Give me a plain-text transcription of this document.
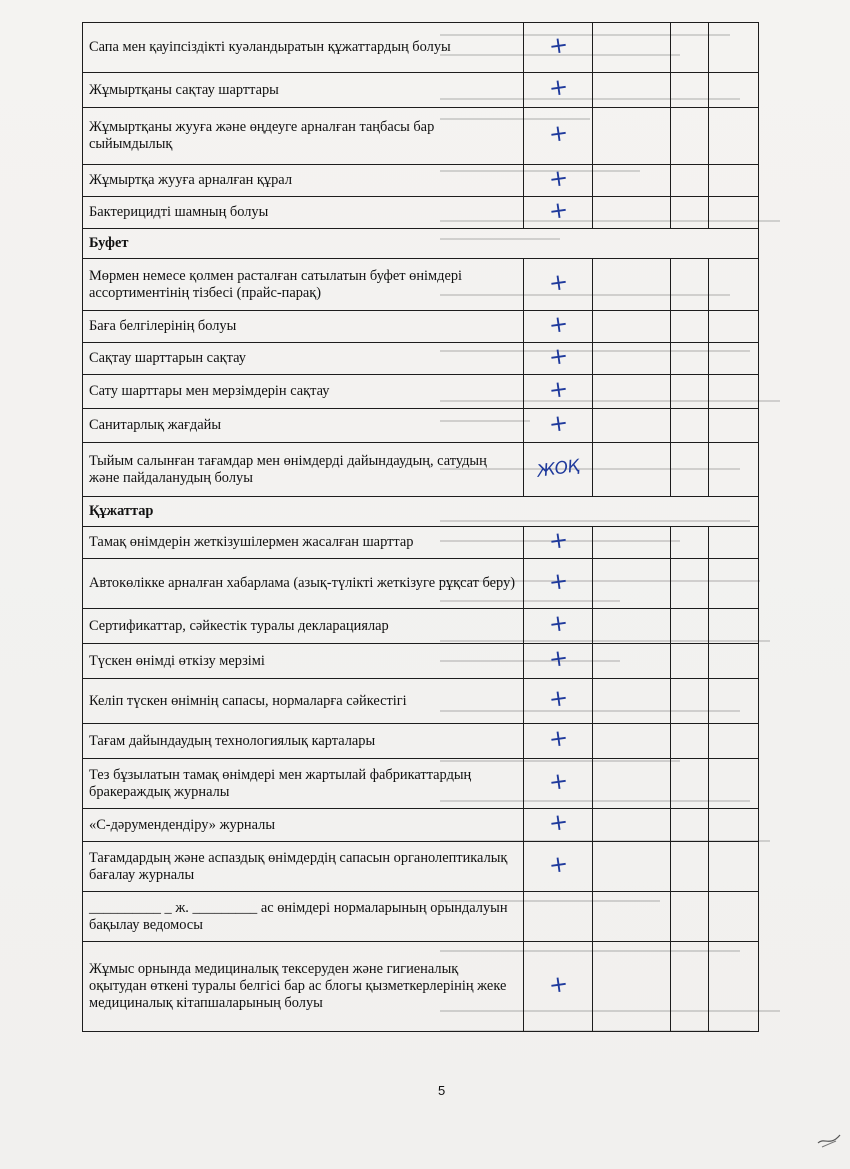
Сапа мен қауіпсіздікті куәландыратын құжаттардың болуы	+			
Жұмыртқаны сақтау шарттары	+			
Жұмыртқаны жууға және өңдеуге арналған таңбасы бар сыйымдылық	+			
Жұмыртқа жууға арналған құрал	+			
Бактерицидті шамның болуы	+			
Буфет				
Мөрмен немесе қолмен расталған сатылатын буфет өнімдері ассортиментінің тізбесі (прайс-парақ)	+			
Баға белгілерінің болуы	+			
Сақтау шарттарын сақтау	+			
Сату шарттары мен мерзімдерін сақтау	+			
Санитарлық жағдайы	+			
Тыйым салынған тағамдар мен өнімдерді дайындаудың, сатудың және пайдаланудың болуы	ЖОҚ			
Құжаттар				
Тамақ өнімдерін жеткізушілермен жасалған шарттар	+			
Автокөлікке арналған хабарлама (азық-түлікті жеткізуге рұқсат беру)	+			
Сертификаттар, сәйкестік туралы декларациялар	+			
Түскен өнімді өткізу мерзімі	+			
Келіп түскен өнімнің сапасы, нормаларға сәйкестігі	+			
Тағам дайындаудың технологиялық карталары	+			
Тез бұзылатын тамақ өнімдері мен жартылай фабрикаттардың бракераждық журналы	+			
«С-дәрумендендіру» журналы	+			
Тағамдардың және аспаздық өнімдердің сапасын органолептикалық бағалау журналы	+			
__________ _ ж. _________ ас өнімдері нормаларының орындалуын бақылау ведомосы				
Жұмыс орнында медициналық тексеруден және гигиеналық оқытудан өткені туралы белгісі бар ас блогы қызметкерлерінің жеке медициналық кітапшаларының болуы	+			
5
